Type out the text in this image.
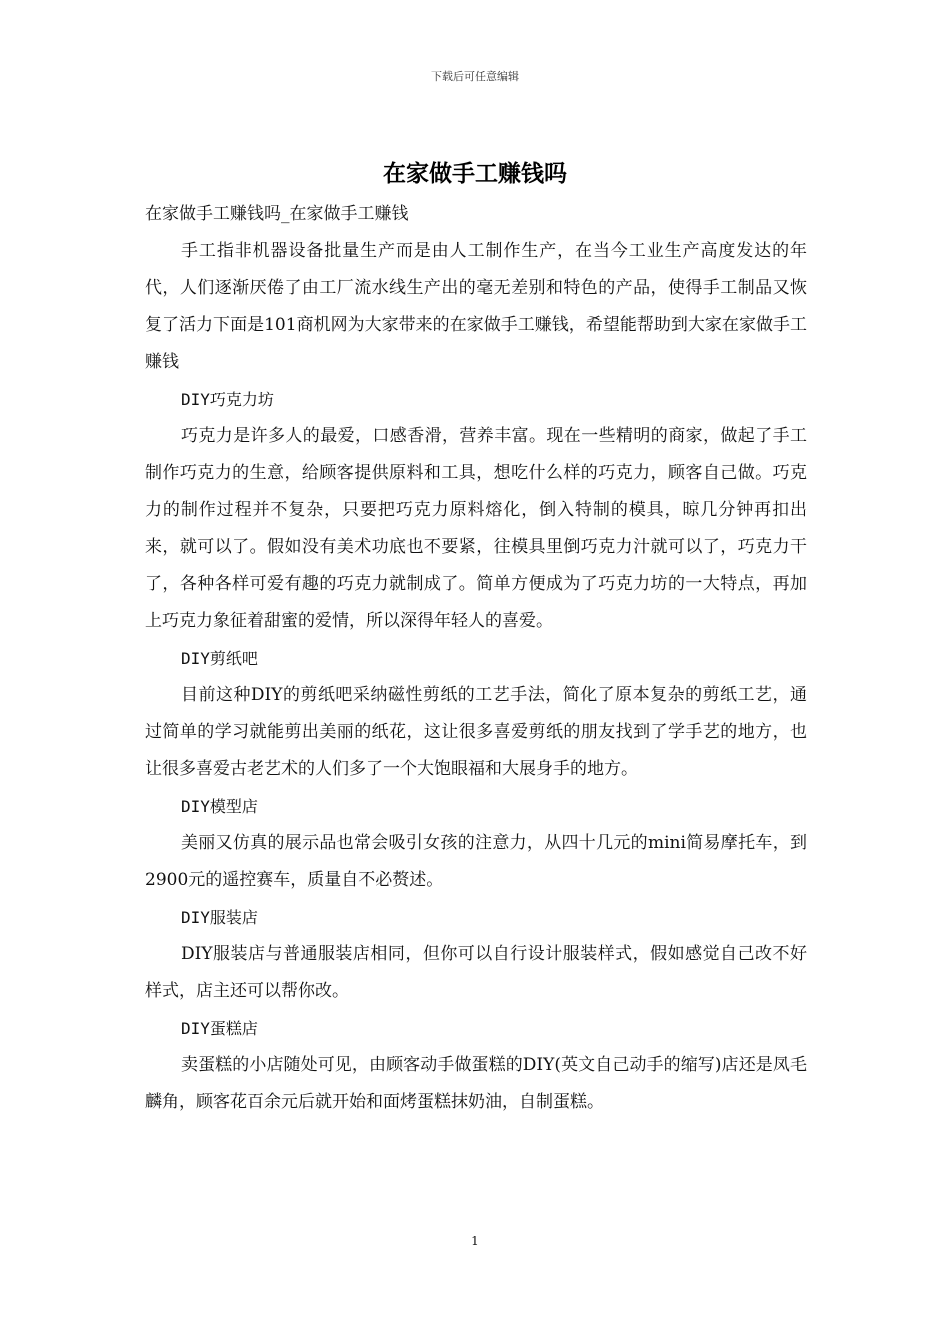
下载后可任意编辑
在家做手工赚钱吗

在家做手工赚钱吗_在家做手工赚钱

手工指非机器设备批量生产而是由人工制作生产，在当今工业生产高度发达的年代，人们逐渐厌倦了由工厂流水线生产出的毫无差别和特色的产品，使得手工制品又恢复了活力下面是101商机网为大家带来的在家做手工赚钱，希望能帮助到大家在家做手工赚钱

DIY巧克力坊

巧克力是许多人的最爱，口感香滑，营养丰富。现在一些精明的商家，做起了手工制作巧克力的生意，给顾客提供原料和工具，想吃什么样的巧克力，顾客自己做。巧克力的制作过程并不复杂，只要把巧克力原料熔化，倒入特制的模具，晾几分钟再扣出来，就可以了。假如没有美术功底也不要紧，往模具里倒巧克力汁就可以了，巧克力干了，各种各样可爱有趣的巧克力就制成了。简单方便成为了巧克力坊的一大特点，再加上巧克力象征着甜蜜的爱情，所以深得年轻人的喜爱。

DIY剪纸吧

目前这种DIY的剪纸吧采纳磁性剪纸的工艺手法，简化了原本复杂的剪纸工艺，通过简单的学习就能剪出美丽的纸花，这让很多喜爱剪纸的朋友找到了学手艺的地方，也让很多喜爱古老艺术的人们多了一个大饱眼福和大展身手的地方。

DIY模型店

美丽又仿真的展示品也常会吸引女孩的注意力，从四十几元的mini简易摩托车，到2900元的遥控赛车，质量自不必赘述。

DIY服装店

DIY服装店与普通服装店相同，但你可以自行设计服装样式，假如感觉自己改不好样式，店主还可以帮你改。

DIY蛋糕店

卖蛋糕的小店随处可见，由顾客动手做蛋糕的DIY(英文自己动手的缩写)店还是凤毛麟角，顾客花百余元后就开始和面烤蛋糕抹奶油，自制蛋糕。

1
